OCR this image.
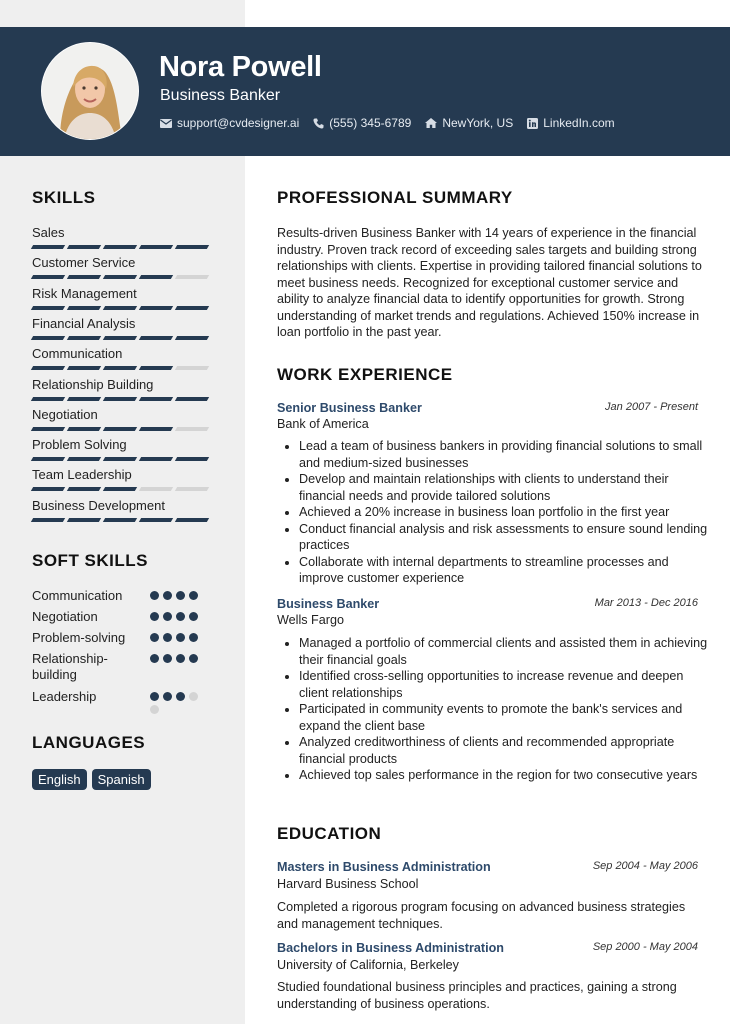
Nora Powell
Business Banker
support@cvdesigner.ai	(555) 345-6789	NewYork, US	LinkedIn.com
SKILLS
Sales
Customer Service
Risk Management
Financial Analysis
Communication
Relationship Building
Negotiation
Problem Solving
Team Leadership
Business Development
SOFT SKILLS
Communication
Negotiation
Problem-solving
Relationship-building
Leadership
LANGUAGES
English	Spanish
PROFESSIONAL SUMMARY
Results-driven Business Banker with 14 years of experience in the financial industry. Proven track record of exceeding sales targets and building strong relationships with clients. Expertise in providing tailored financial solutions to meet business needs. Recognized for exceptional customer service and ability to analyze financial data to identify opportunities for growth. Strong understanding of market trends and regulations. Achieved 150% increase in loan portfolio in the past year.
WORK EXPERIENCE
Senior Business Banker	Jan 2007 - Present
Bank of America
• Lead a team of business bankers in providing financial solutions to small and medium-sized businesses
• Develop and maintain relationships with clients to understand their financial needs and provide tailored solutions
• Achieved a 20% increase in business loan portfolio in the first year
• Conduct financial analysis and risk assessments to ensure sound lending practices
• Collaborate with internal departments to streamline processes and improve customer experience
Business Banker	Mar 2013 - Dec 2016
Wells Fargo
• Managed a portfolio of commercial clients and assisted them in achieving their financial goals
• Identified cross-selling opportunities to increase revenue and deepen client relationships
• Participated in community events to promote the bank's services and expand the client base
• Analyzed creditworthiness of clients and recommended appropriate financial products
• Achieved top sales performance in the region for two consecutive years
EDUCATION
Masters in Business Administration	Sep 2004 - May 2006
Harvard Business School
Completed a rigorous program focusing on advanced business strategies and management techniques.
Bachelors in Business Administration	Sep 2000 - May 2004
University of California, Berkeley
Studied foundational business principles and practices, gaining a strong understanding of business operations.
